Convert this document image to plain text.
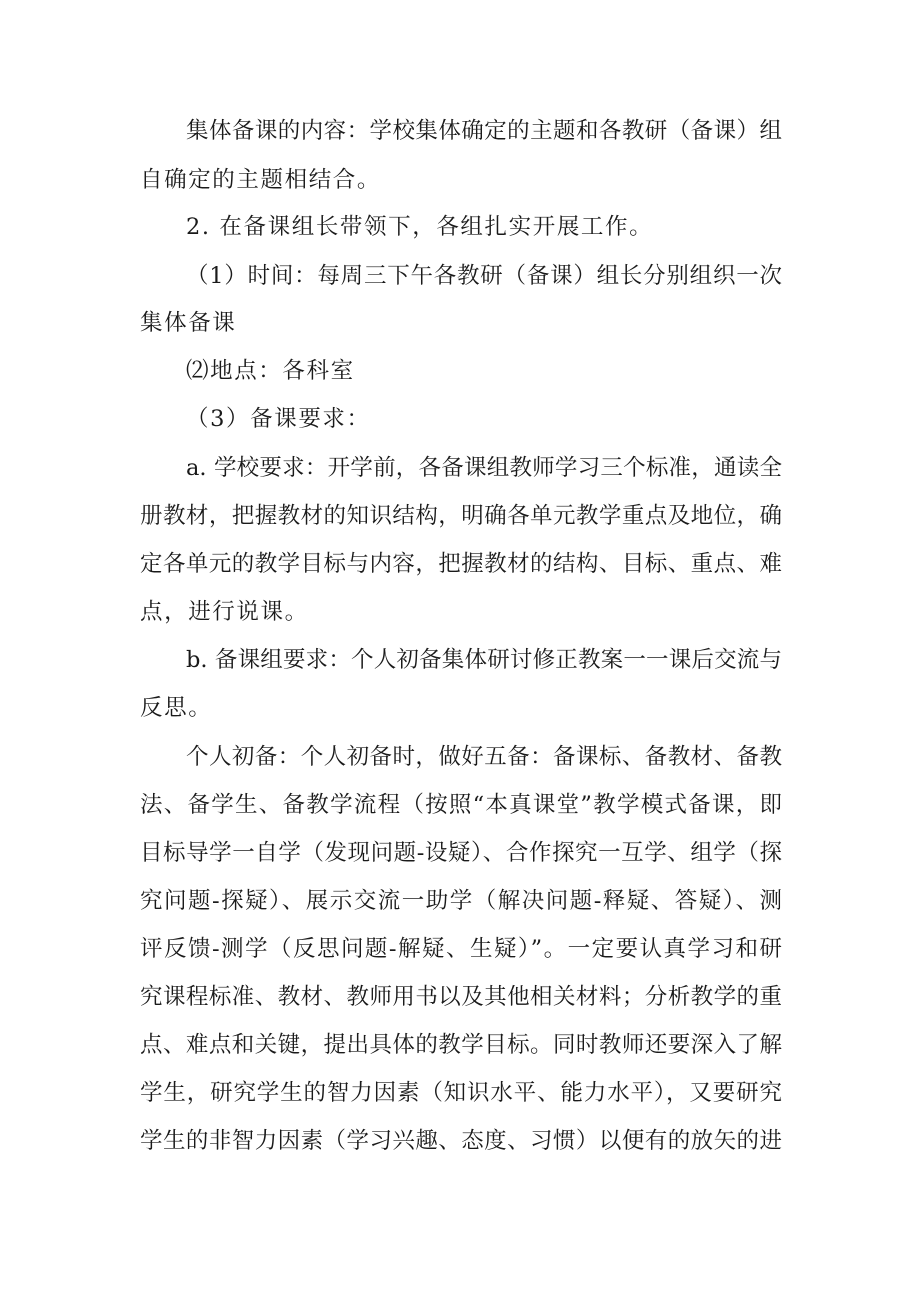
集体备课的内容：学校集体确定的主题和各教研（备课）组
自确定的主题相结合。
2. 在备课组长带领下，各组扎实开展工作。
（1）时间：每周三下午各教研（备课）组长分别组织一次
集体备课
⑵地点：各科室
（3）备课要求：
a. 学校要求：开学前，各备课组教师学习三个标准，通读全
册教材，把握教材的知识结构，明确各单元教学重点及地位，确
定各单元的教学目标与内容，把握教材的结构、目标、重点、难
点，进行说课。
b. 备课组要求：个人初备集体研讨修正教案一一课后交流与
反思。
个人初备：个人初备时，做好五备：备课标、备教材、备教
法、备学生、备教学流程（按照“本真课堂”教学模式备课，即
目标导学一自学（发现问题-设疑）、合作探究一互学、组学（探
究问题-探疑）、展示交流一助学（解决问题-释疑、答疑）、测
评反馈-测学（反思问题-解疑、生疑）”。一定要认真学习和研
究课程标准、教材、教师用书以及其他相关材料；分析教学的重
点、难点和关键，提出具体的教学目标。同时教师还要深入了解
学生，研究学生的智力因素（知识水平、能力水平），又要研究
学生的非智力因素（学习兴趣、态度、习惯）以便有的放矢的进
